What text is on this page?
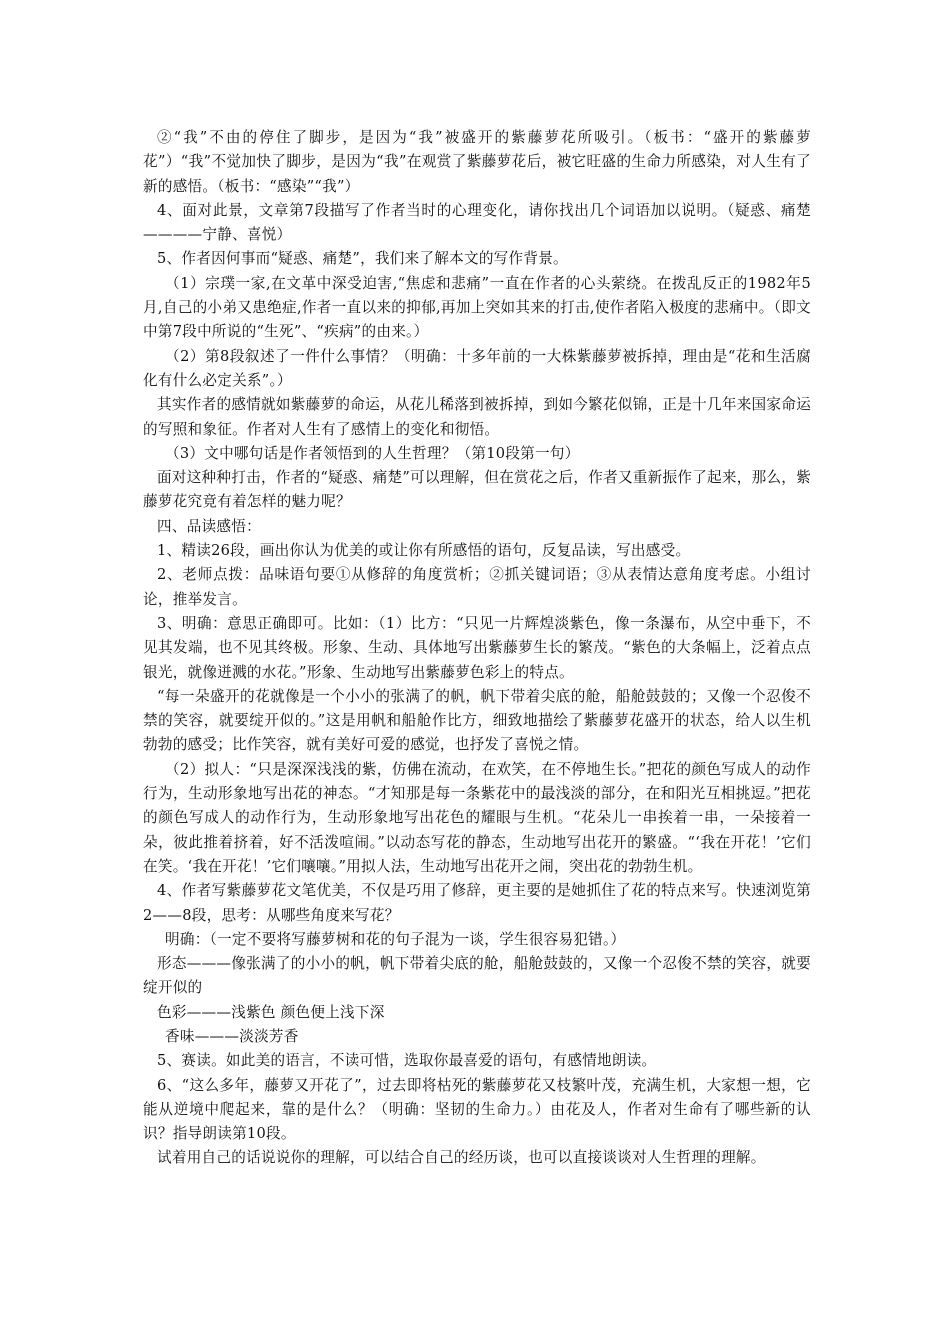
②“我”不由的停住了脚步，是因为“我”被盛开的紫藤萝花所吸引。（板书：“盛开的紫藤萝花”）“我”不觉加快了脚步，是因为“我”在观赏了紫藤萝花后，被它旺盛的生命力所感染，对人生有了新的感悟。（板书：“感染”“我”）

4、面对此景，文章第7段描写了作者当时的心理变化，请你找出几个词语加以说明。（疑惑、痛楚————宁静、喜悦）

5、作者因何事而“疑惑、痛楚”，我们来了解本文的写作背景。

（1）宗璞一家,在文革中深受迫害,“焦虑和悲痛”一直在作者的心头萦绕。在拨乱反正的1982年5月,自己的小弟又患绝症,作者一直以来的抑郁,再加上突如其来的打击,使作者陷入极度的悲痛中。（即文中第7段中所说的“生死”、“疾病”的由来。）

（2）第8段叙述了一件什么事情？（明确：十多年前的一大株紫藤萝被拆掉，理由是“花和生活腐化有什么必定关系”。）

其实作者的感情就如紫藤萝的命运，从花儿稀落到被拆掉，到如今繁花似锦，正是十几年来国家命运的写照和象征。作者对人生有了感情上的变化和彻悟。

（3）文中哪句话是作者领悟到的人生哲理？（第10段第一句）

面对这种种打击，作者的“疑惑、痛楚”可以理解，但在赏花之后，作者又重新振作了起来，那么，紫藤萝花究竟有着怎样的魅力呢？

四、品读感悟：

1、精读26段，画出你认为优美的或让你有所感悟的语句，反复品读，写出感受。

2、老师点拨：品味语句要①从修辞的角度赏析；②抓关键词语；③从表情达意角度考虑。小组讨论，推举发言。

3、明确：意思正确即可。比如：（1）比方：“只见一片辉煌淡紫色，像一条瀑布，从空中垂下，不见其发端，也不见其终极。形象、生动、具体地写出紫藤萝生长的繁茂。“紫色的大条幅上，泛着点点银光，就像迸溅的水花。”形象、生动地写出紫藤萝色彩上的特点。

“每一朵盛开的花就像是一个小小的张满了的帆，帆下带着尖底的舱，船舱鼓鼓的；又像一个忍俊不禁的笑容，就要绽开似的。”这是用帆和船舱作比方，细致地描绘了紫藤萝花盛开的状态，给人以生机勃勃的感受；比作笑容，就有美好可爱的感觉，也抒发了喜悦之情。

（2）拟人：“只是深深浅浅的紫，仿佛在流动，在欢笑，在不停地生长。”把花的颜色写成人的动作行为，生动形象地写出花的神态。“才知那是每一条紫花中的最浅淡的部分，在和阳光互相挑逗。”把花的颜色写成人的动作行为，生动形象地写出花色的耀眼与生机。“花朵儿一串挨着一串，一朵接着一朵，彼此推着挤着，好不活泼喧闹。”以动态写花的静态，生动地写出花开的繁盛。“‘我在开花！’它们在笑。‘我在开花！’它们嚷嚷。”用拟人法，生动地写出花开之闹，突出花的勃勃生机。

4、作者写紫藤萝花文笔优美，不仅是巧用了修辞，更主要的是她抓住了花的特点来写。快速浏览第2——8段，思考：从哪些角度来写花？

明确：（一定不要将写藤萝树和花的句子混为一谈，学生很容易犯错。）

形态———像张满了的小小的帆，帆下带着尖底的舱，船舱鼓鼓的，又像一个忍俊不禁的笑容，就要绽开似的

色彩———浅紫色 颜色便上浅下深

香味———淡淡芳香

5、赛读。如此美的语言，不读可惜，选取你最喜爱的语句，有感情地朗读。

6、“这么多年，藤萝又开花了”，过去即将枯死的紫藤萝花又枝繁叶茂，充满生机，大家想一想，它能从逆境中爬起来，靠的是什么？（明确：坚韧的生命力。）由花及人，作者对生命有了哪些新的认识？指导朗读第10段。

试着用自己的话说说你的理解，可以结合自己的经历谈，也可以直接谈谈对人生哲理的理解。
